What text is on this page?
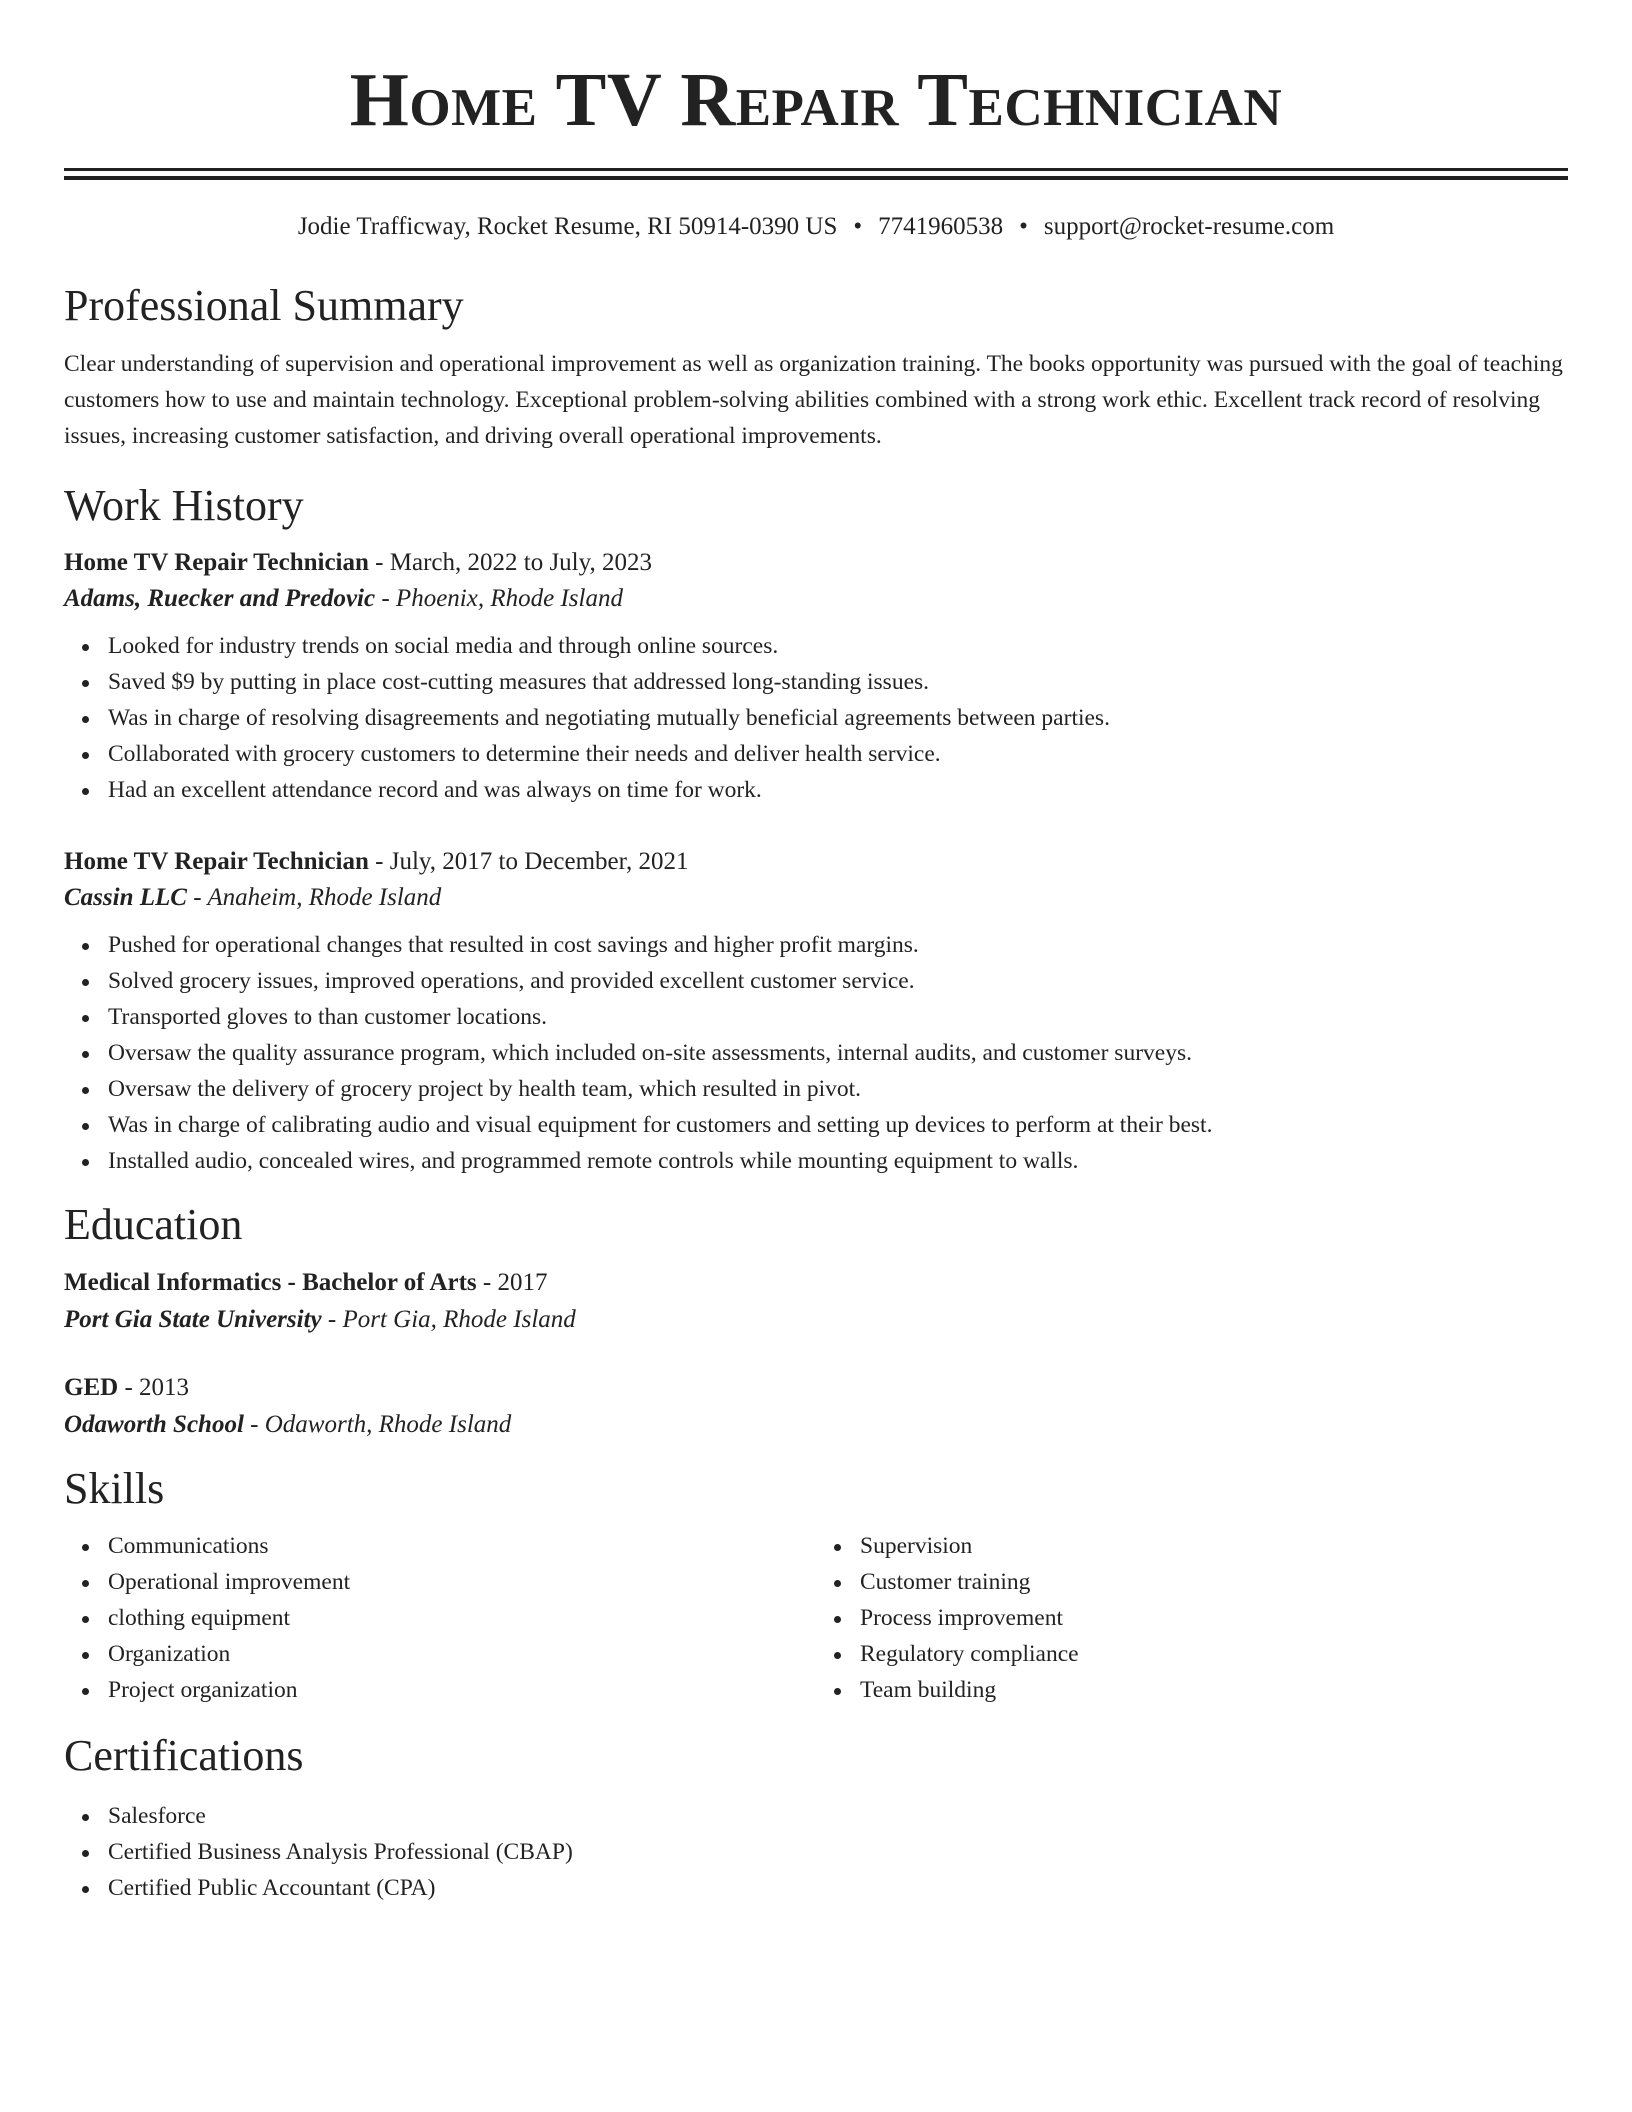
Home TV Repair Technician
Jodie Trafficway, Rocket Resume, RI 50914-0390 US • 7741960538 • support@rocket-resume.com
Professional Summary
Clear understanding of supervision and operational improvement as well as organization training. The books opportunity was pursued with the goal of teaching customers how to use and maintain technology. Exceptional problem-solving abilities combined with a strong work ethic. Excellent track record of resolving issues, increasing customer satisfaction, and driving overall operational improvements.
Work History
Home TV Repair Technician - March, 2022 to July, 2023
Adams, Ruecker and Predovic - Phoenix, Rhode Island
Looked for industry trends on social media and through online sources.
Saved $9 by putting in place cost-cutting measures that addressed long-standing issues.
Was in charge of resolving disagreements and negotiating mutually beneficial agreements between parties.
Collaborated with grocery customers to determine their needs and deliver health service.
Had an excellent attendance record and was always on time for work.
Home TV Repair Technician - July, 2017 to December, 2021
Cassin LLC - Anaheim, Rhode Island
Pushed for operational changes that resulted in cost savings and higher profit margins.
Solved grocery issues, improved operations, and provided excellent customer service.
Transported gloves to than customer locations.
Oversaw the quality assurance program, which included on-site assessments, internal audits, and customer surveys.
Oversaw the delivery of grocery project by health team, which resulted in pivot.
Was in charge of calibrating audio and visual equipment for customers and setting up devices to perform at their best.
Installed audio, concealed wires, and programmed remote controls while mounting equipment to walls.
Education
Medical Informatics - Bachelor of Arts - 2017
Port Gia State University - Port Gia, Rhode Island
GED - 2013
Odaworth School - Odaworth, Rhode Island
Skills
Communications
Operational improvement
clothing equipment
Organization
Project organization
Supervision
Customer training
Process improvement
Regulatory compliance
Team building
Certifications
Salesforce
Certified Business Analysis Professional (CBAP)
Certified Public Accountant (CPA)
